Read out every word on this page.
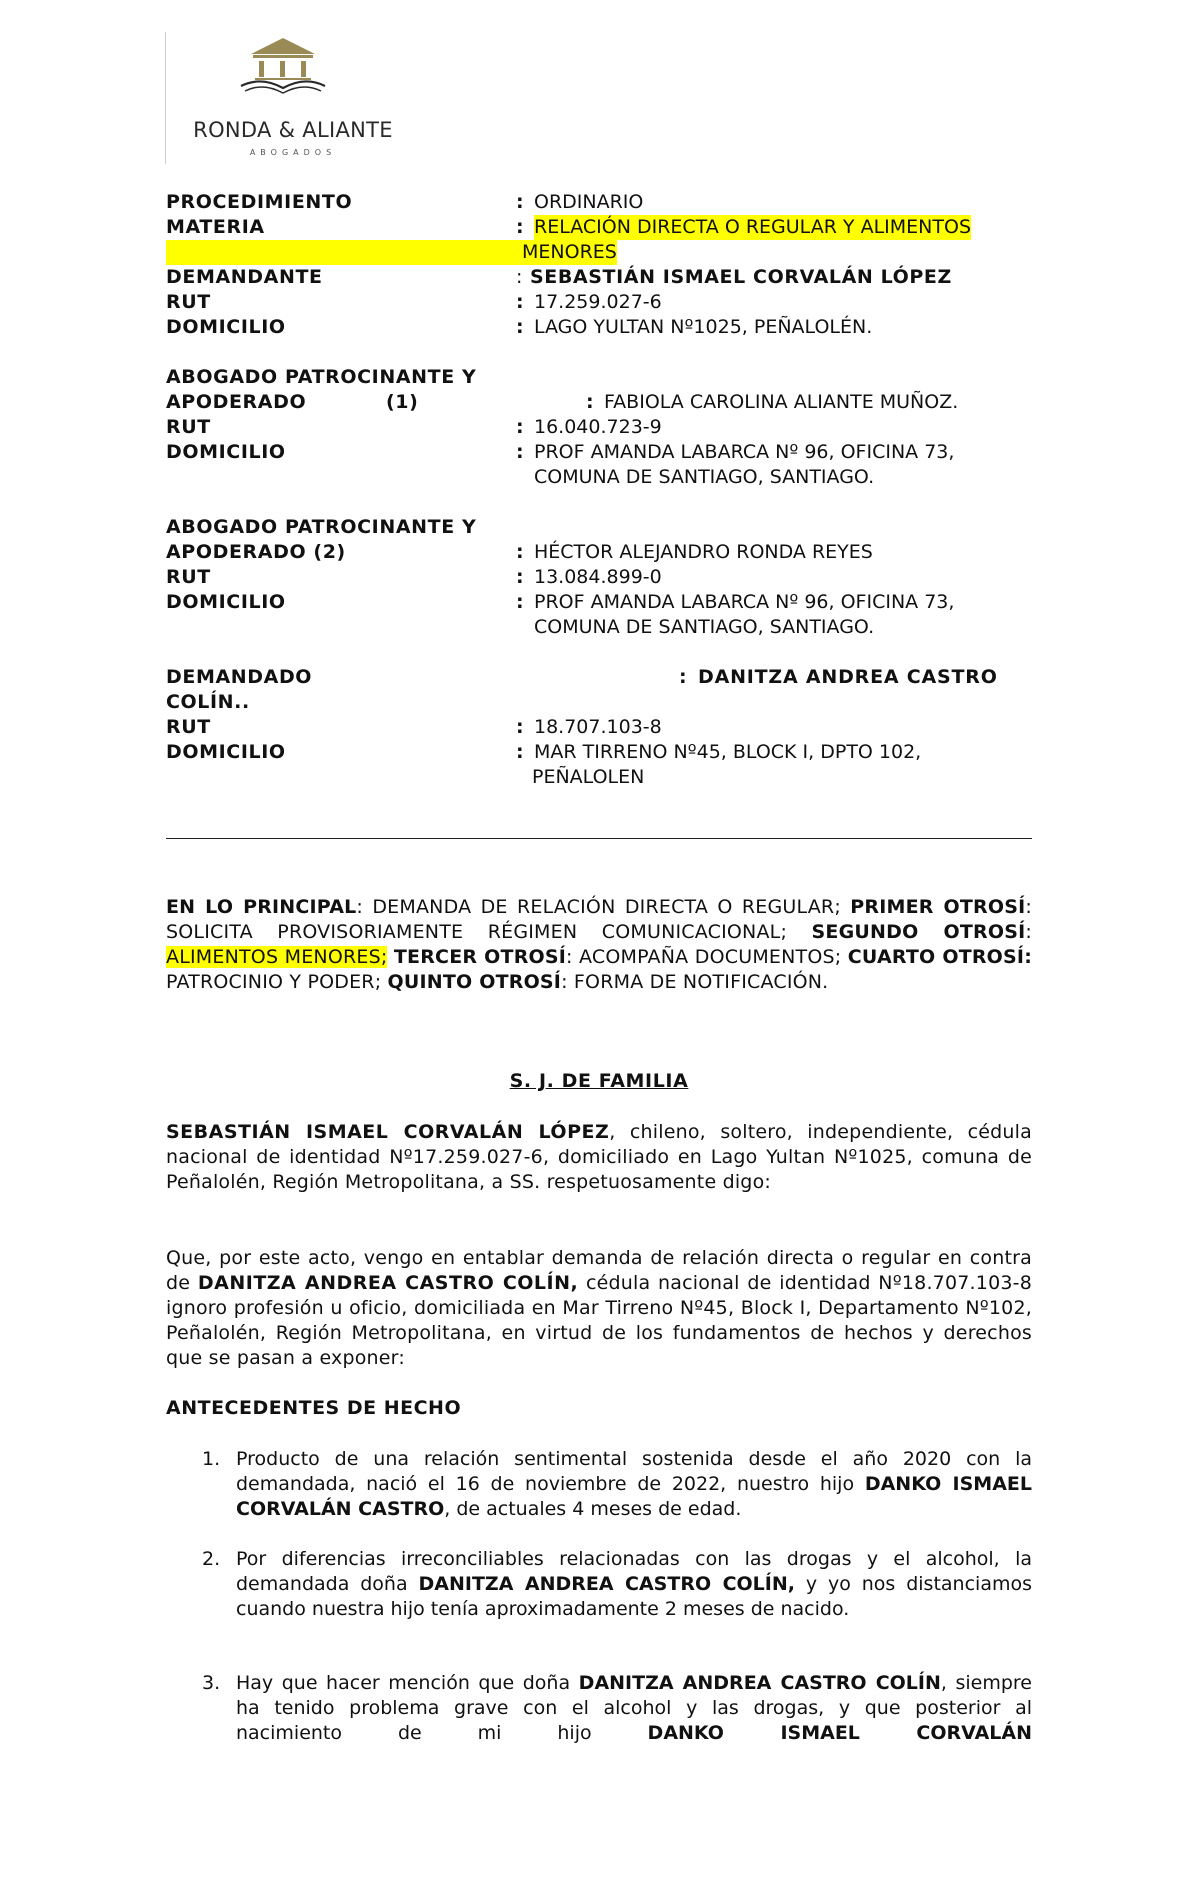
RONDA & ALIANTE
ABOGADOS
PROCEDIMIENTO	: ORDINARIO
MATERIA	: RELACIÓN DIRECTA O REGULAR Y ALIMENTOS
MENORES
DEMANDANTE	: SEBASTIÁN ISMAEL CORVALÁN LÓPEZ
RUT	: 17.259.027-6
DOMICILIO	: LAGO YULTAN Nº1025, PEÑALOLÉN.
ABOGADO PATROCINANTE Y
APODERADO	(1)	: FABIOLA CAROLINA ALIANTE MUÑOZ.
RUT	: 16.040.723-9
DOMICILIO	: PROF AMANDA LABARCA Nº 96, OFICINA 73,
COMUNA DE SANTIAGO, SANTIAGO.
ABOGADO PATROCINANTE Y
APODERADO (2)	: HÉCTOR ALEJANDRO RONDA REYES
RUT	: 13.084.899-0
DOMICILIO	: PROF AMANDA LABARCA Nº 96, OFICINA 73,
COMUNA DE SANTIAGO, SANTIAGO.
DEMANDADO	: DANITZA ANDREA CASTRO
COLÍN..
RUT	: 18.707.103-8
DOMICILIO	: MAR TIRRENO Nº45, BLOCK I, DPTO 102,
PEÑALOLEN
EN LO PRINCIPAL: DEMANDA DE RELACIÓN DIRECTA O REGULAR; PRIMER OTROSÍ: SOLICITA PROVISORIAMENTE RÉGIMEN COMUNICACIONAL; SEGUNDO OTROSÍ: ALIMENTOS MENORES; TERCER OTROSÍ: ACOMPAÑA DOCUMENTOS; CUARTO OTROSÍ: PATROCINIO Y PODER; QUINTO OTROSÍ: FORMA DE NOTIFICACIÓN.
S. J. DE FAMILIA
SEBASTIÁN ISMAEL CORVALÁN LÓPEZ, chileno, soltero, independiente, cédula nacional de identidad Nº17.259.027-6, domiciliado en Lago Yultan Nº1025, comuna de Peñalolén, Región Metropolitana, a SS. respetuosamente digo:
Que, por este acto, vengo en entablar demanda de relación directa o regular en contra de DANITZA ANDREA CASTRO COLÍN, cédula nacional de identidad Nº18.707.103-8 ignoro profesión u oficio, domiciliada en Mar Tirreno Nº45, Block I, Departamento Nº102, Peñalolén, Región Metropolitana, en virtud de los fundamentos de hechos y derechos que se pasan a exponer:
ANTECEDENTES DE HECHO
1. Producto de una relación sentimental sostenida desde el año 2020 con la demandada, nació el 16 de noviembre de 2022, nuestro hijo DANKO ISMAEL CORVALÁN CASTRO, de actuales 4 meses de edad.
2. Por diferencias irreconciliables relacionadas con las drogas y el alcohol, la demandada doña DANITZA ANDREA CASTRO COLÍN, y yo nos distanciamos cuando nuestra hijo tenía aproximadamente 2 meses de nacido.
3. Hay que hacer mención que doña DANITZA ANDREA CASTRO COLÍN, siempre ha tenido problema grave con el alcohol y las drogas, y que posterior al nacimiento de mi hijo DANKO ISMAEL CORVALÁN
